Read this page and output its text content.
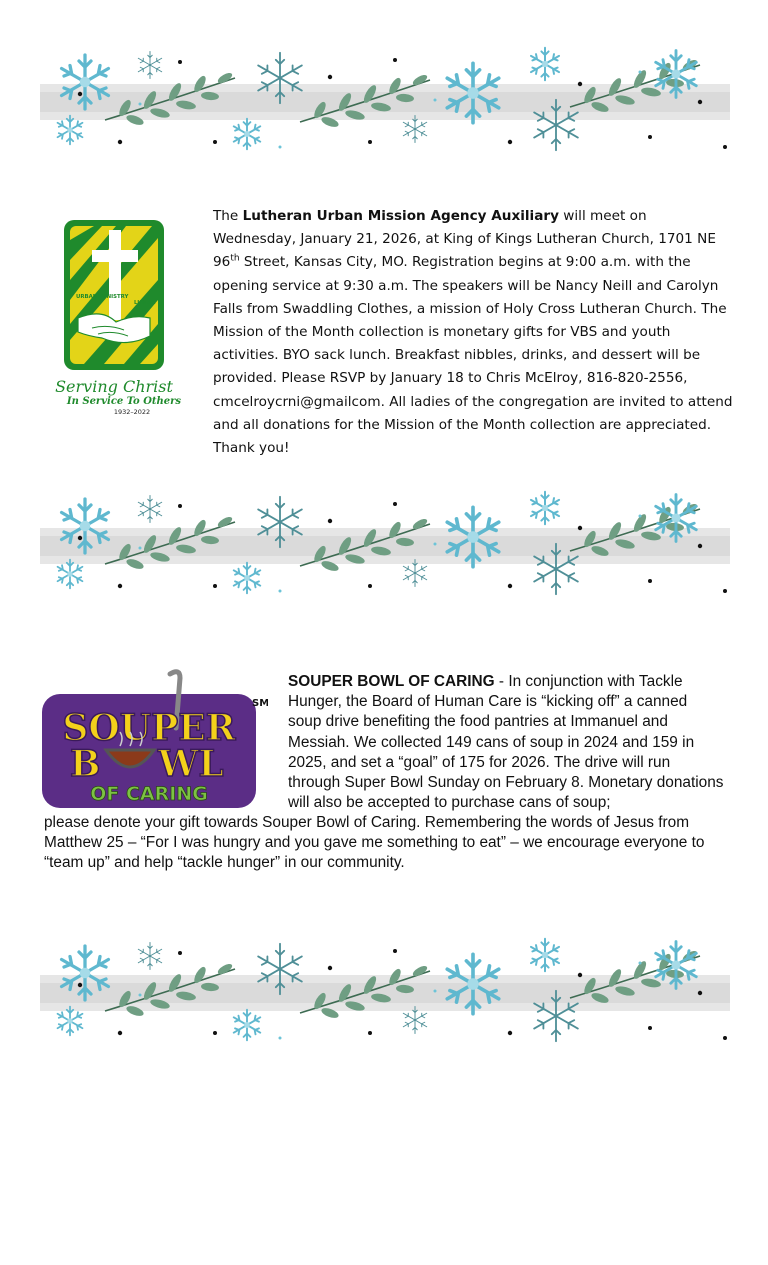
URBAN MINISTRY
LUMAA
Serving Christ
In Service To Others
1932–2022
The Lutheran Urban Mission Agency Auxiliary will meet on Wednesday, January 21, 2026, at King of Kings Lutheran Church, 1701 NE 96th Street, Kansas City, MO. Registration begins at 9:00 a.m. with the opening service at 9:30 a.m. The speakers will be Nancy Neill and Carolyn Falls from Swaddling Clothes, a mission of Holy Cross Lutheran Church. The Mission of the Month collection is monetary gifts for VBS and youth activities. BYO sack lunch. Breakfast nibbles, drinks, and dessert will be provided. Please RSVP by January 18 to Chris McElroy, 816-820-2556, cmcelroycrni@gmailcom. All ladies of the congregation are invited to attend and all donations for the Mission of the Month collection are appreciated. Thank you!
SM
SOUPER
B WL
OF CARING
SOUPER BOWL OF CARING - In conjunction with Tackle Hunger, the Board of Human Care is “kicking off” a canned soup drive benefiting the food pantries at Immanuel and Messiah. We collected 149 cans of soup in 2024 and 159 in 2025, and set a “goal” of 175 for 2026. The drive will run through Super Bowl Sunday on February 8. Monetary donations will also be accepted to purchase cans of soup;
please denote your gift towards Souper Bowl of Caring. Remembering the words of Jesus from Matthew 25 – “For I was hungry and you gave me something to eat” – we encourage everyone to “team up” and help “tackle hunger” in our community.
